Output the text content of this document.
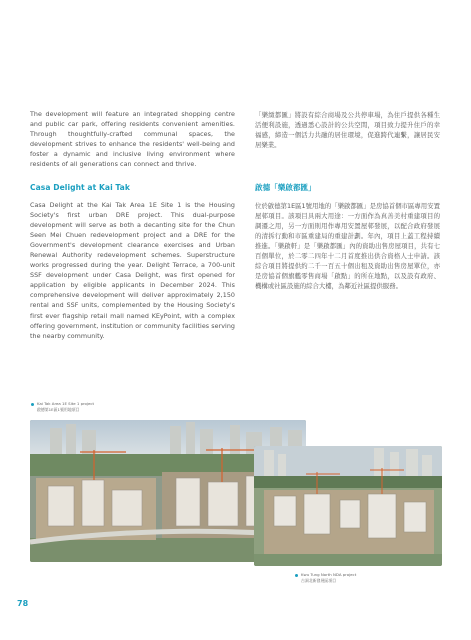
The development will feature an integrated shopping centre and public car park, offering residents convenient amenities. Through thoughtfully-crafted communal spaces, the development strives to enhance the residents' well-being and foster a dynamic and inclusive living environment where residents of all generations can connect and thrive.
Casa Delight at Kai Tak
Casa Delight at the Kai Tak Area 1E Site 1 is the Housing Society's first urban DRE project. This dual-purpose development will serve as both a decanting site for the Chun Seen Mei Chuen redevelopment project and a DRE for the Government's development clearance exercises and Urban Renewal Authority redevelopment schemes. Superstructure works progressed during the year. Delight Terrace, a 700-unit SSF development under Casa Delight, was first opened for application by eligible applicants in December 2024. This comprehensive development will deliver approximately 2,150 rental and SSF units, complemented by the Housing Society's first ever flagship retail mall named KEyPoint, with a complex offering government, institution or community facilities serving the nearby community.
「樂緻都匯」將設有綜合商場及公共停車場，為住戶提供各種生活便利設施，透過悉心設計的公共空間，項目致力提升住戶的幸福感，締造一個活力共融的居住環境，促進跨代連繫，讓居民安居樂業。
啟德「樂啟都匯」
位於啟德第1E區1號用地的「樂啟都匯」是房協首個市區專用安置屋邨項目。該項目具兩大用途：一方面作為真善美村重建項目的調遷之用，另一方面則用作專用安置屋邨發展，以配合政府發展的清拆行動和市區重建局的重建計劃。年內，項目上蓋工程持續推進。「樂啟軒」是「樂啟都匯」內的資助出售房屋項目，共有七百個單位，於二零二四年十二月首度推出供合資格人士申請。該綜合項目將提供約二千一百五十個出租及資助出售房屋單位，亦是房協首個旗艦零售商場「啟點」的所在地點，以及設有政府、機構或社區設施的綜合大樓，為鄰近社區提供服務。
Kai Tak Area 1E Site 1 project
啟德第1E區1號用地項目
Kwu Tung North NDA project
古洞北新發展區項目
78
